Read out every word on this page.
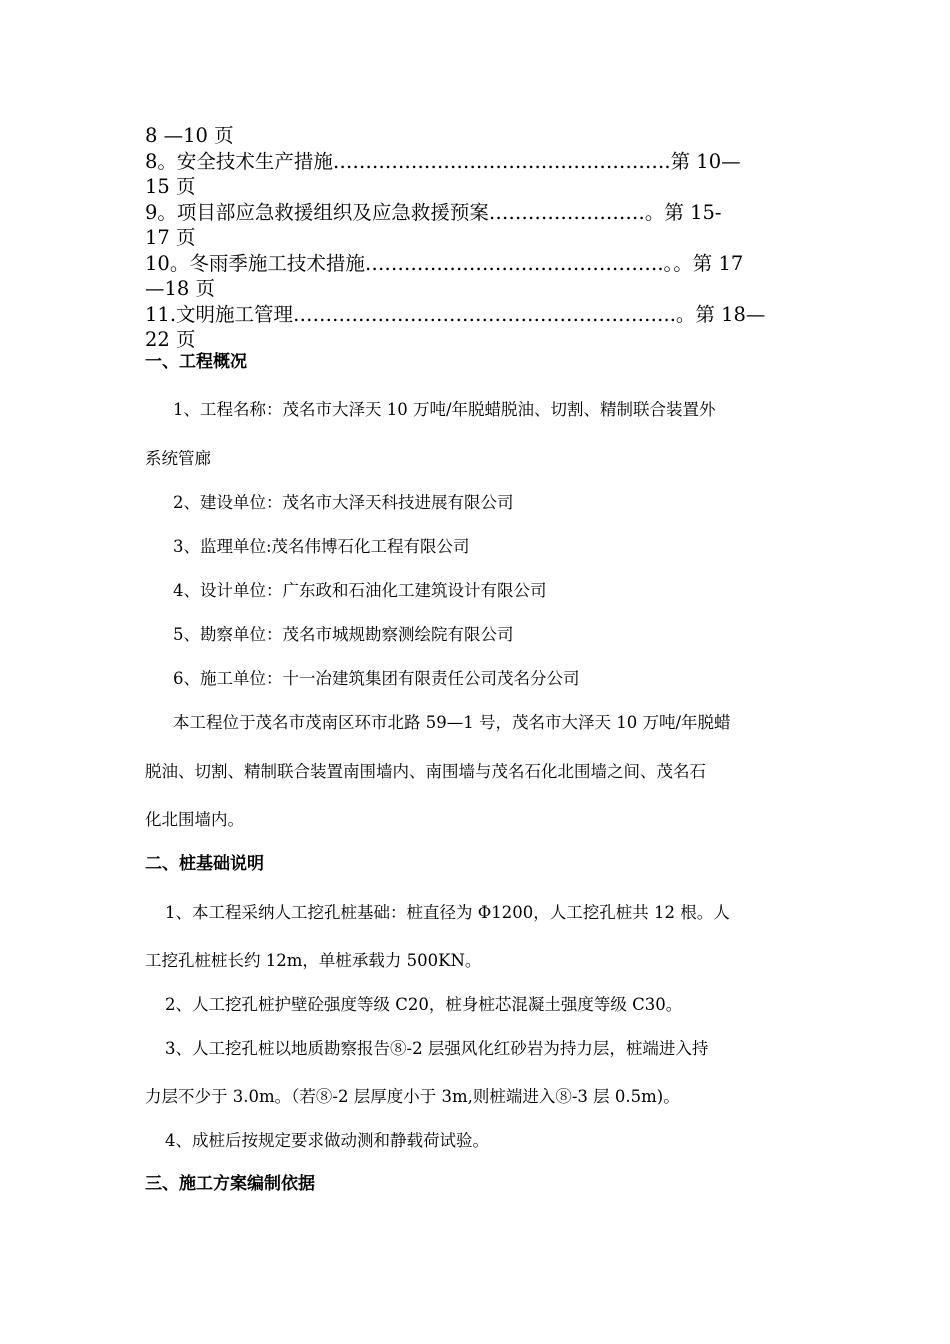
8 —10 页
8。安全技术生产措施…………………………………………….第 10—
15 页
9。项目部应急救援组织及应急救援预案……………………。第 15-
17 页
10。冬雨季施工技术措施……………………………………….。。第 17
—18 页
11.文明施工管理…………………………………………………..。第 18—
22 页
一、工程概况
1、工程名称：茂名市大泽天 10 万吨/年脱蜡脱油、切割、精制联合装置外
系统管廊
2、建设单位：茂名市大泽天科技进展有限公司
3、监理单位:茂名伟博石化工程有限公司
4、设计单位：广东政和石油化工建筑设计有限公司
5、勘察单位：茂名市城规勘察测绘院有限公司
6、施工单位：十一冶建筑集团有限责任公司茂名分公司
本工程位于茂名市茂南区环市北路 59—1 号，茂名市大泽天 10 万吨/年脱蜡
脱油、切割、精制联合装置南围墙内、南围墙与茂名石化北围墙之间、茂名石
化北围墙内。
二、桩基础说明
1、本工程采纳人工挖孔桩基础：桩直径为 Φ1200，人工挖孔桩共 12 根。人
工挖孔桩桩长约 12m，单桩承载力 500KN。
2、人工挖孔桩护壁砼强度等级 C20，桩身桩芯混凝土强度等级 C30。
3、人工挖孔桩以地质勘察报告⑧-2 层强风化红砂岩为持力层，桩端进入持
力层不少于 3.0m。（若⑧-2 层厚度小于 3m,则桩端进入⑧-3 层 0.5m)。
4、成桩后按规定要求做动测和静载荷试验。
三、施工方案编制依据
